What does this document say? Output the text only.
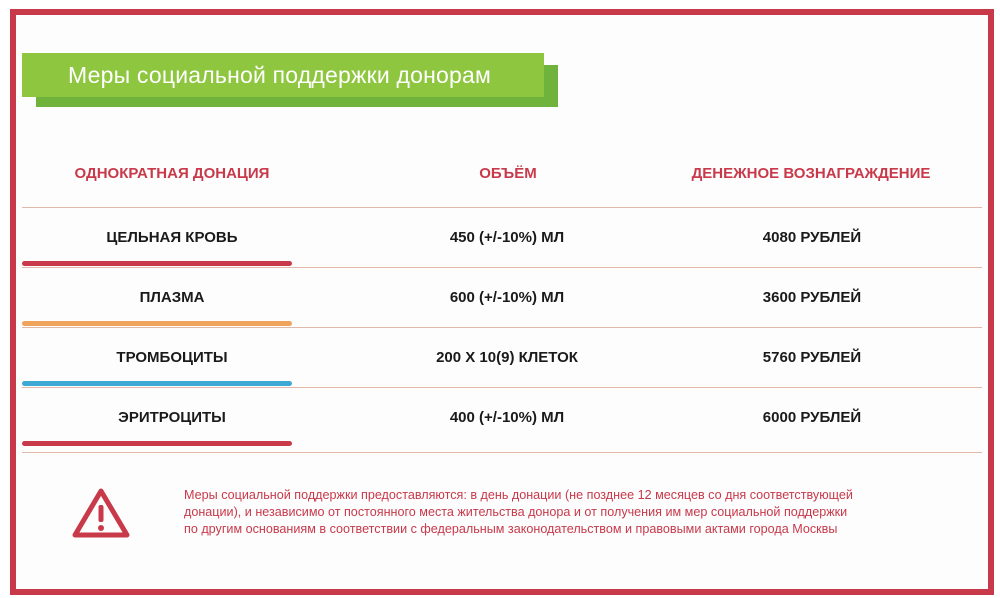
Меры социальной поддержки донорам
ОДНОКРАТНАЯ ДОНАЦИЯ	ОБЪЁМ	ДЕНЕЖНОЕ ВОЗНАГРАЖДЕНИЕ
ЦЕЛЬНАЯ КРОВЬ	450 (+/-10%) МЛ	4080 РУБЛЕЙ
ПЛАЗМА	600 (+/-10%) МЛ	3600 РУБЛЕЙ
ТРОМБОЦИТЫ	200 Х 10(9) КЛЕТОК	5760 РУБЛЕЙ
ЭРИТРОЦИТЫ	400 (+/-10%) МЛ	6000 РУБЛЕЙ
Меры социальной поддержки предоставляются: в день донации (не позднее 12 месяцев со дня соответствующей
донации), и независимо от постоянного места жительства донора и от получения им мер социальной поддержки
по другим основаниям в соответствии с федеральным законодательством и правовыми актами города Москвы
